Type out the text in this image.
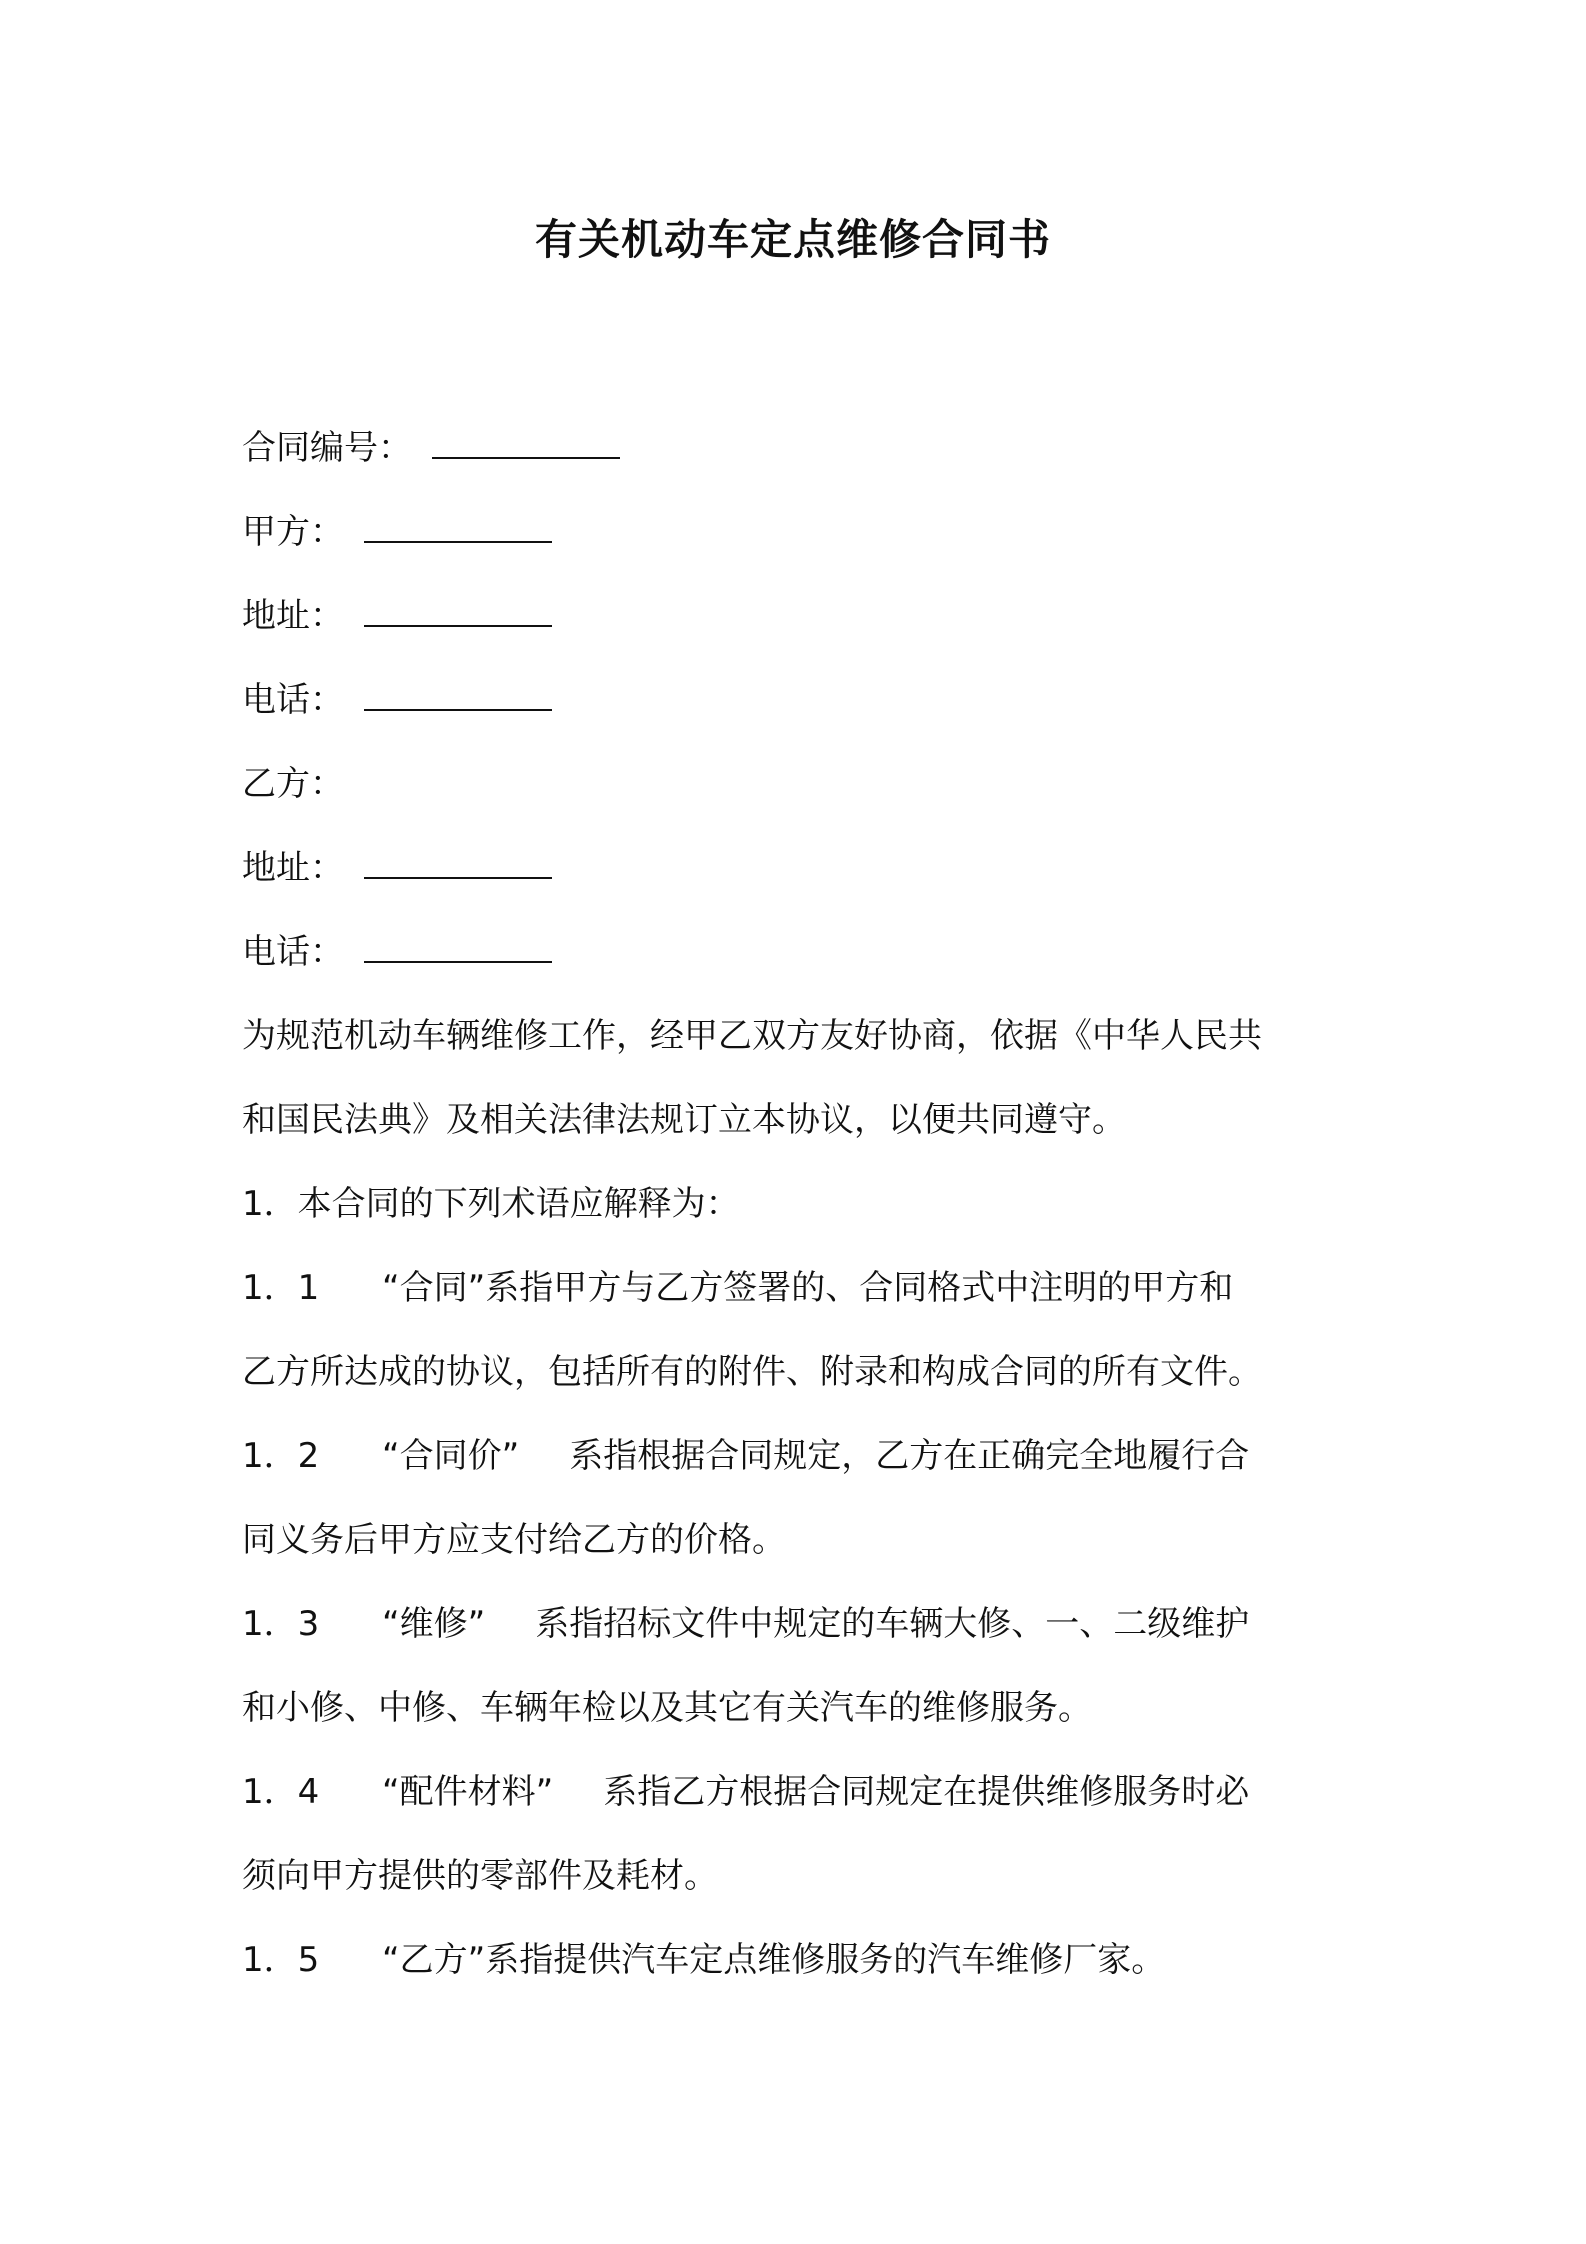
有关机动车定点维修合同书
合同编号：
甲方：
地址：
电话：
乙方：
地址：
电话：
为规范机动车辆维修工作，经甲乙双方友好协商，依据《中华人民共
和国民法典》及相关法律法规订立本协议，以便共同遵守。
1．本合同的下列术语应解释为：
1．1 “合同”系指甲方与乙方签署的、合同格式中注明的甲方和
乙方所达成的协议，包括所有的附件、附录和构成合同的所有文件。
1．2 “合同价” 系指根据合同规定，乙方在正确完全地履行合
同义务后甲方应支付给乙方的价格。
1．3 “维修” 系指招标文件中规定的车辆大修、一、二级维护
和小修、中修、车辆年检以及其它有关汽车的维修服务。
1．4 “配件材料” 系指乙方根据合同规定在提供维修服务时必
须向甲方提供的零部件及耗材。
1．5 “乙方”系指提供汽车定点维修服务的汽车维修厂家。
